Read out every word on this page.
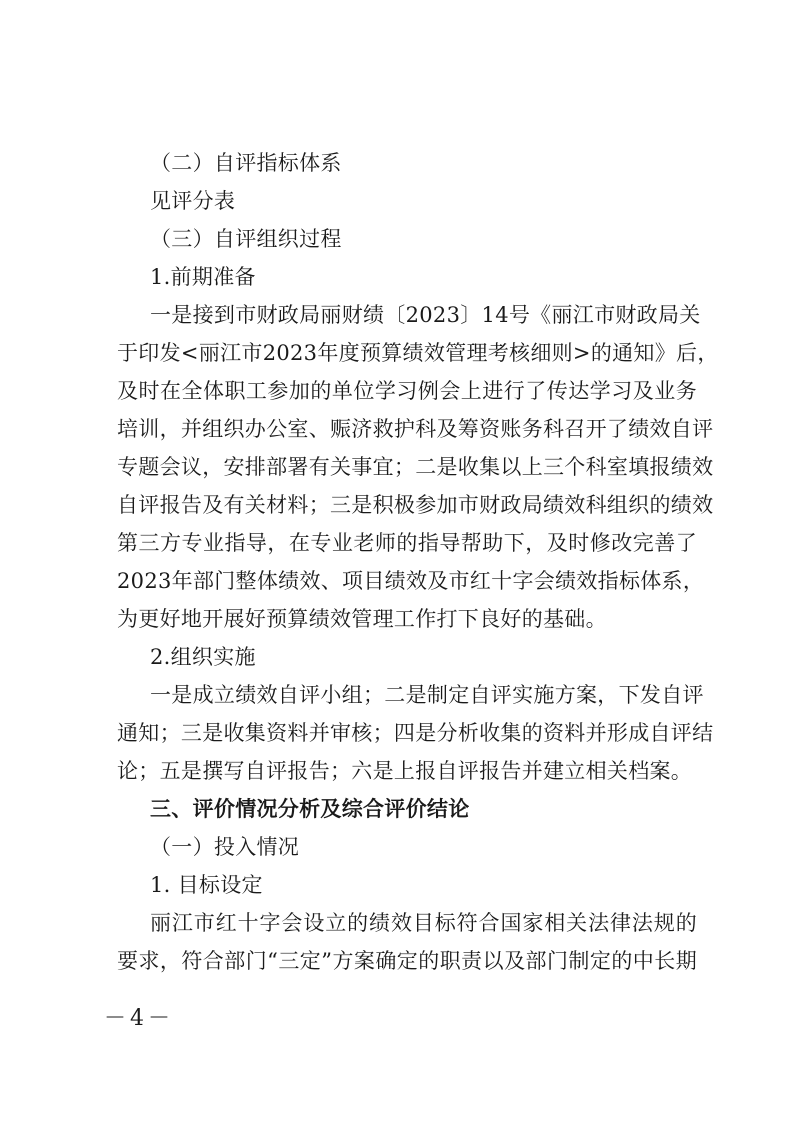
（二）自评指标体系
见评分表
（三）自评组织过程
1.前期准备
一是接到市财政局丽财绩〔2023〕14号《丽江市财政局关
于印发<丽江市2023年度预算绩效管理考核细则>的通知》后，
及时在全体职工参加的单位学习例会上进行了传达学习及业务
培训，并组织办公室、赈济救护科及筹资账务科召开了绩效自评
专题会议，安排部署有关事宜；二是收集以上三个科室填报绩效
自评报告及有关材料；三是积极参加市财政局绩效科组织的绩效
第三方专业指导，在专业老师的指导帮助下，及时修改完善了
2023年部门整体绩效、项目绩效及市红十字会绩效指标体系，
为更好地开展好预算绩效管理工作打下良好的基础。
2.组织实施
一是成立绩效自评小组；二是制定自评实施方案，下发自评
通知；三是收集资料并审核；四是分析收集的资料并形成自评结
论；五是撰写自评报告；六是上报自评报告并建立相关档案。
三、评价情况分析及综合评价结论
（一）投入情况
1. 目标设定
丽江市红十字会设立的绩效目标符合国家相关法律法规的
要求，符合部门“三定”方案确定的职责以及部门制定的中长期
－4－
